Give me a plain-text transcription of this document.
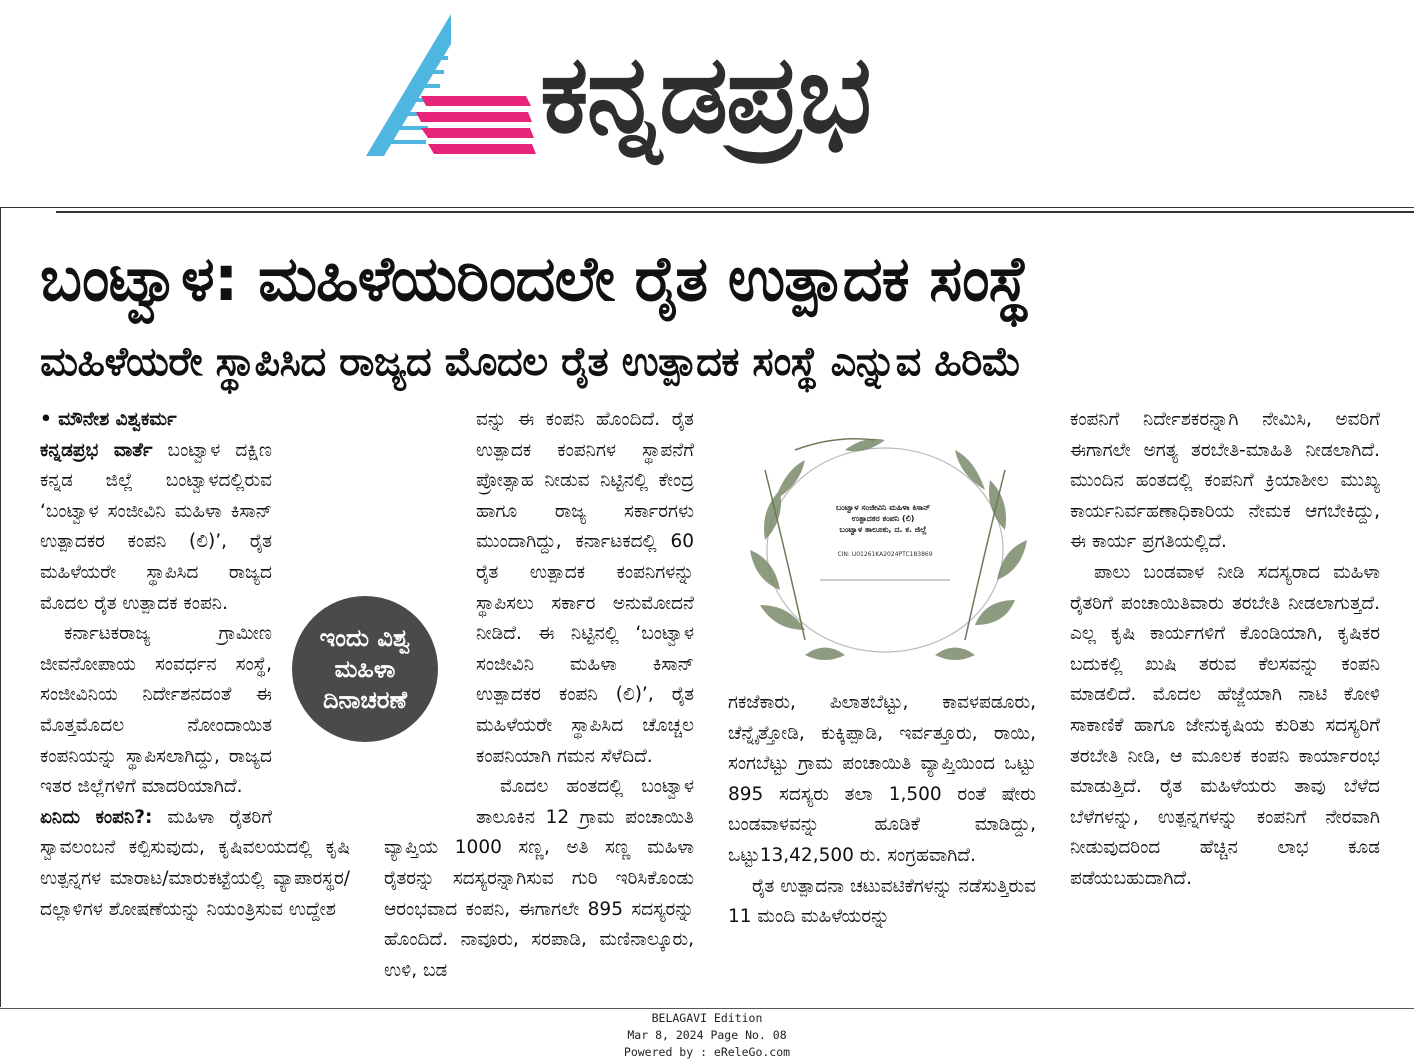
ಕನ್ನಡಪ್ರಭ
ಬಂಟ್ವಾಳ: ಮಹಿಳೆಯರಿಂದಲೇ ರೈತ ಉತ್ಪಾದಕ ಸಂಸ್ಥೆ
ಮಹಿಳೆಯರೇ ಸ್ಥಾಪಿಸಿದ ರಾಜ್ಯದ ಮೊದಲ ರೈತ ಉತ್ಪಾದಕ ಸಂಸ್ಥೆ ಎನ್ನುವ ಹಿರಿಮೆ

• ಮೌನೇಶ ವಿಶ್ವಕರ್ಮ

ಕನ್ನಡಪ್ರಭ ವಾರ್ತೆ ಬಂಟ್ವಾಳ ದಕ್ಷಿಣ ಕನ್ನಡ ಜಿಲ್ಲೆ ಬಂಟ್ವಾಳದಲ್ಲಿರುವ ‘ಬಂಟ್ವಾಳ ಸಂಜೀವಿನಿ ಮಹಿಳಾ ಕಿಸಾನ್ ಉತ್ಪಾದಕರ ಕಂಪನಿ (ಲಿ)’, ರೈತ ಮಹಿಳೆಯರೇ ಸ್ಥಾಪಿಸಿದ ರಾಜ್ಯದ ಮೊದಲ ರೈತ ಉತ್ಪಾದಕ ಕಂಪನಿ.

ಕರ್ನಾಟಕರಾಜ್ಯ ಗ್ರಾಮೀಣ ಜೀವನೋಪಾಯ ಸಂವರ್ಧನ ಸಂಸ್ಥೆ, ಸಂಜೀವಿನಿಯ ನಿರ್ದೇಶನದಂತೆ ಈ ಮೊತ್ತಮೊದಲ ನೋಂದಾಯಿತ ಕಂಪನಿಯನ್ನು ಸ್ಥಾಪಿಸಲಾಗಿದ್ದು, ರಾಜ್ಯದ ಇತರ ಜಿಲ್ಲೆಗಳಿಗೆ ಮಾದರಿಯಾಗಿದೆ.

ಏನಿದು ಕಂಪನಿ?: ಮಹಿಳಾ ರೈತರಿಗೆ ಸ್ವಾವಲಂಬನೆ ಕಲ್ಪಿಸುವುದು, ಕೃಷಿವಲಯದಲ್ಲಿ ಕೃಷಿ ಉತ್ಪನ್ನಗಳ ಮಾರಾಟ/ಮಾರುಕಟ್ಟೆಯಲ್ಲಿ ವ್ಯಾಪಾರಸ್ಥರ/ ದಲ್ಲಾಳಿಗಳ ಶೋಷಣೆಯನ್ನು ನಿಯಂತ್ರಿಸುವ ಉದ್ದೇಶ

ಇಂದು ವಿಶ್ವ
ಮಹಿಳಾ
ದಿನಾಚರಣೆ

ವನ್ನು ಈ ಕಂಪನಿ ಹೊಂದಿದೆ. ರೈತ ಉತ್ಪಾದಕ ಕಂಪನಿಗಳ ಸ್ಥಾಪನೆಗೆ ಪ್ರೋತ್ಸಾಹ ನೀಡುವ ನಿಟ್ಟಿನಲ್ಲಿ ಕೇಂದ್ರ ಹಾಗೂ ರಾಜ್ಯ ಸರ್ಕಾರಗಳು ಮುಂದಾಗಿದ್ದು, ಕರ್ನಾಟಕದಲ್ಲಿ 60 ರೈತ ಉತ್ಪಾದಕ ಕಂಪನಿಗಳನ್ನು ಸ್ಥಾಪಿಸಲು ಸರ್ಕಾರ ಅನುಮೋದನೆ ನೀಡಿದೆ. ಈ ನಿಟ್ಟಿನಲ್ಲಿ ‘ಬಂಟ್ವಾಳ ಸಂಜೀವಿನಿ ಮಹಿಳಾ ಕಿಸಾನ್ ಉತ್ಪಾದಕರ ಕಂಪನಿ (ಲಿ)’, ರೈತ ಮಹಿಳೆಯರೇ ಸ್ಥಾಪಿಸಿದ ಚೊಚ್ಚಲ ಕಂಪನಿಯಾಗಿ ಗಮನ ಸೆಳೆದಿದೆ.

ಮೊದಲ ಹಂತದಲ್ಲಿ ಬಂಟ್ವಾಳ ತಾಲೂಕಿನ 12 ಗ್ರಾಮ ಪಂಚಾಯಿತಿ ವ್ಯಾಪ್ತಿಯ 1000 ಸಣ್ಣ, ಅತಿ ಸಣ್ಣ ಮಹಿಳಾ ರೈತರನ್ನು ಸದಸ್ಯರನ್ನಾಗಿಸುವ ಗುರಿ ಇರಿಸಿಕೊಂಡು ಆರಂಭವಾದ ಕಂಪನಿ, ಈಗಾಗಲೇ 895 ಸದಸ್ಯರನ್ನು ಹೊಂದಿದೆ. ನಾವೂರು, ಸರಪಾಡಿ, ಮಣಿನಾಲ್ಕೂರು, ಉಳಿ, ಬಡ

ಬಂಟ್ವಾಳ ಸಂಜೀವಿನಿ ಮಹಿಳಾ ಕಿಸಾನ್
ಉತ್ಪಾದಕರ ಕಂಪನಿ (ಲಿ)
ಬಂಟ್ವಾಳ ತಾಲೂಕು, ದ. ಕ. ಜಿಲ್ಲೆ
CIN: U01261KA2024PTC183869

ಗಕಜೆಕಾರು, ಪಿಲಾತಬೆಟ್ಟು, ಕಾವಳಪಡೂರು, ಚೆನ್ನೈತ್ತೋಡಿ, ಕುಕ್ಕಿಪ್ಪಾಡಿ, ಇರ್ವತ್ತೂರು, ರಾಯಿ, ಸಂಗಬೆಟ್ಟು ಗ್ರಾಮ ಪಂಚಾಯಿತಿ ವ್ಯಾಪ್ತಿಯಿಂದ ಒಟ್ಟು 895 ಸದಸ್ಯರು ತಲಾ 1,500 ರಂತೆ ಷೇರು ಬಂಡವಾಳವನ್ನು ಹೂಡಿಕೆ ಮಾಡಿದ್ದು, ಒಟ್ಟು13,42,500 ರು. ಸಂಗ್ರಹವಾಗಿದೆ.

ರೈತ ಉತ್ಪಾದನಾ ಚಟುವಟಿಕೆಗಳನ್ನು ನಡೆಸುತ್ತಿರುವ 11 ಮಂದಿ ಮಹಿಳೆಯರನ್ನು

ಕಂಪನಿಗೆ ನಿರ್ದೇಶಕರನ್ನಾಗಿ ನೇಮಿಸಿ, ಅವರಿಗೆ ಈಗಾಗಲೇ ಅಗತ್ಯ ತರಬೇತಿ-ಮಾಹಿತಿ ನೀಡಲಾಗಿದೆ. ಮುಂದಿನ ಹಂತದಲ್ಲಿ ಕಂಪನಿಗೆ ಕ್ರಿಯಾಶೀಲ ಮುಖ್ಯ ಕಾರ್ಯನಿರ್ವಹಣಾಧಿಕಾರಿಯ ನೇಮಕ ಆಗಬೇಕಿದ್ದು, ಈ ಕಾರ್ಯ ಪ್ರಗತಿಯಲ್ಲಿದೆ.

ಪಾಲು ಬಂಡವಾಳ ನೀಡಿ ಸದಸ್ಯರಾದ ಮಹಿಳಾ ರೈತರಿಗೆ ಪಂಚಾಯಿತಿವಾರು ತರಬೇತಿ ನೀಡಲಾಗುತ್ತದೆ. ಎಲ್ಲ ಕೃಷಿ ಕಾರ್ಯಗಳಿಗೆ ಕೊಂಡಿಯಾಗಿ, ಕೃಷಿಕರ ಬದುಕಲ್ಲಿ ಖುಷಿ ತರುವ ಕೆಲಸವನ್ನು ಕಂಪನಿ ಮಾಡಲಿದೆ. ಮೊದಲ ಹೆಜ್ಜೆಯಾಗಿ ನಾಟಿ ಕೋಳಿ ಸಾಕಾಣಿಕೆ ಹಾಗೂ ಜೇನುಕೃಷಿಯ ಕುರಿತು ಸದಸ್ಯರಿಗೆ ತರಬೇತಿ ನೀಡಿ, ಆ ಮೂಲಕ ಕಂಪನಿ ಕಾರ್ಯಾರಂಭ ಮಾಡುತ್ತಿದೆ. ರೈತ ಮಹಿಳೆಯರು ತಾವು ಬೆಳೆದ ಬೆಳೆಗಳನ್ನು, ಉತ್ಪನ್ನಗಳನ್ನು ಕಂಪನಿಗೆ ನೇರವಾಗಿ ನೀಡುವುದರಿಂದ ಹೆಚ್ಚಿನ ಲಾಭ ಕೂಡ ಪಡೆಯಬಹುದಾಗಿದೆ.

BELAGAVI Edition
Mar 8, 2024 Page No. 08
Powered by : eReleGo.com
